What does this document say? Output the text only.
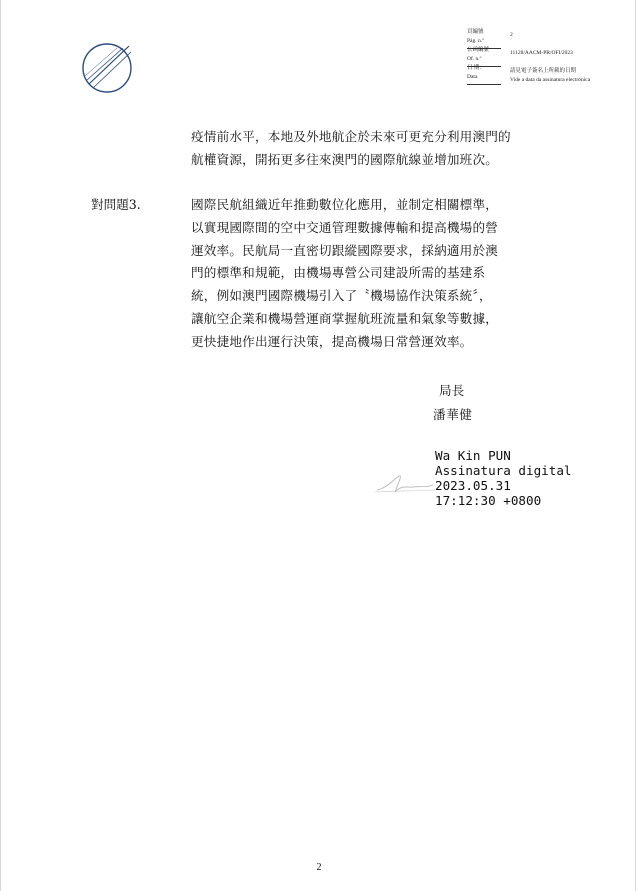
頁編號	2
Pág. n.º
公函編號	11128/AACM-PR/OFI/2023
Of. n.º
日 期：	請見電子簽名上所載的日期
Data	Vide a data da assinatura electrónica
疫情前水平，本地及外地航企於未來可更充分利用澳門的
航權資源，開拓更多往來澳門的國際航線並增加班次。
對問題3.	國際民航組織近年推動數位化應用，並制定相關標準，
以實現國際間的空中交通管理數據傳輸和提高機場的營
運效率。民航局一直密切跟縱國際要求，採納適用於澳
門的標準和規範，由機場專營公司建設所需的基建系
統，例如澳門國際機場引入了〝機場協作決策系統〞，
讓航空企業和機場營運商掌握航班流量和氣象等數據，
更快捷地作出運行決策，提高機場日常營運效率。
局長
潘華健
Wa Kin PUN
Assinatura digital
2023.05.31
17:12:30 +0800
2
